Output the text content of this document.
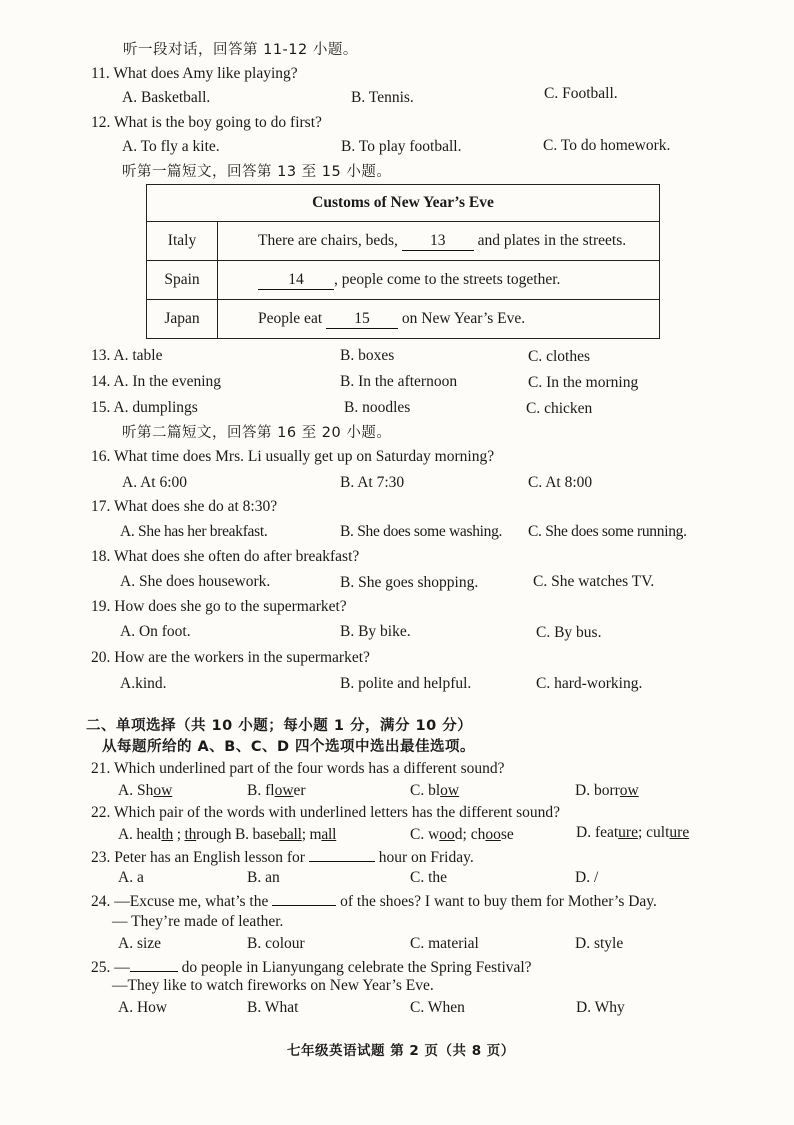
听一段对话，回答第 11-12 小题。
11. What does Amy like playing?
A. Basketball.	B. Tennis.	C. Football.
12. What is the boy going to do first?
A. To fly a kite.	B. To play football.	C. To do homework.
听第一篇短文，回答第 13 至 15 小题。
Customs of New Year’s Eve	
Italy	There are chairs, beds, 13 and plates in the streets.
Spain	14 , people come to the streets together.
Japan	People eat 15 on New Year’s Eve.
13. A. table	B. boxes	C. clothes
14. A. In the evening	B. In the afternoon	C. In the morning
15. A. dumplings	B. noodles	C. chicken
听第二篇短文，回答第 16 至 20 小题。
16. What time does Mrs. Li usually get up on Saturday morning?
A. At 6:00	B. At 7:30	C. At 8:00
17. What does she do at 8:30?
A. She has her breakfast.	B. She does some washing. C. She does some running.
18. What does she often do after breakfast?
A. She does housework.	B. She goes shopping.	C. She watches TV.
19. How does she go to the supermarket?
A. On foot.	B. By bike.	C. By bus.
20. How are the workers in the supermarket?
A.kind.	B. polite and helpful.	C. hard-working.
二、单项选择（共 10 小题；每小题 1 分，满分 10 分）
从每题所给的 A、B、C、D 四个选项中选出最佳选项。
21. Which underlined part of the four words has a different sound?
A. Show	B. flower	C. blow	D. borrow
22. Which pair of the words with underlined letters has the different sound?
A. health ; through B. baseball; mall	C. wood; choose	D. feature; culture
23. Peter has an English lesson for	hour on Friday.
A. a	B. an	C. the	D. /
24. —Excuse me, what’s the	of the shoes? I want to buy them for Mother’s Day.
— They’re made of leather.
A. size	B. colour	C. material	D. style
25. —	do people in Lianyungang celebrate the Spring Festival?
—They like to watch fireworks on New Year’s Eve.
A. How	B. What	C. When	D. Why
七年级英语试题 第 2 页（共 8 页）
